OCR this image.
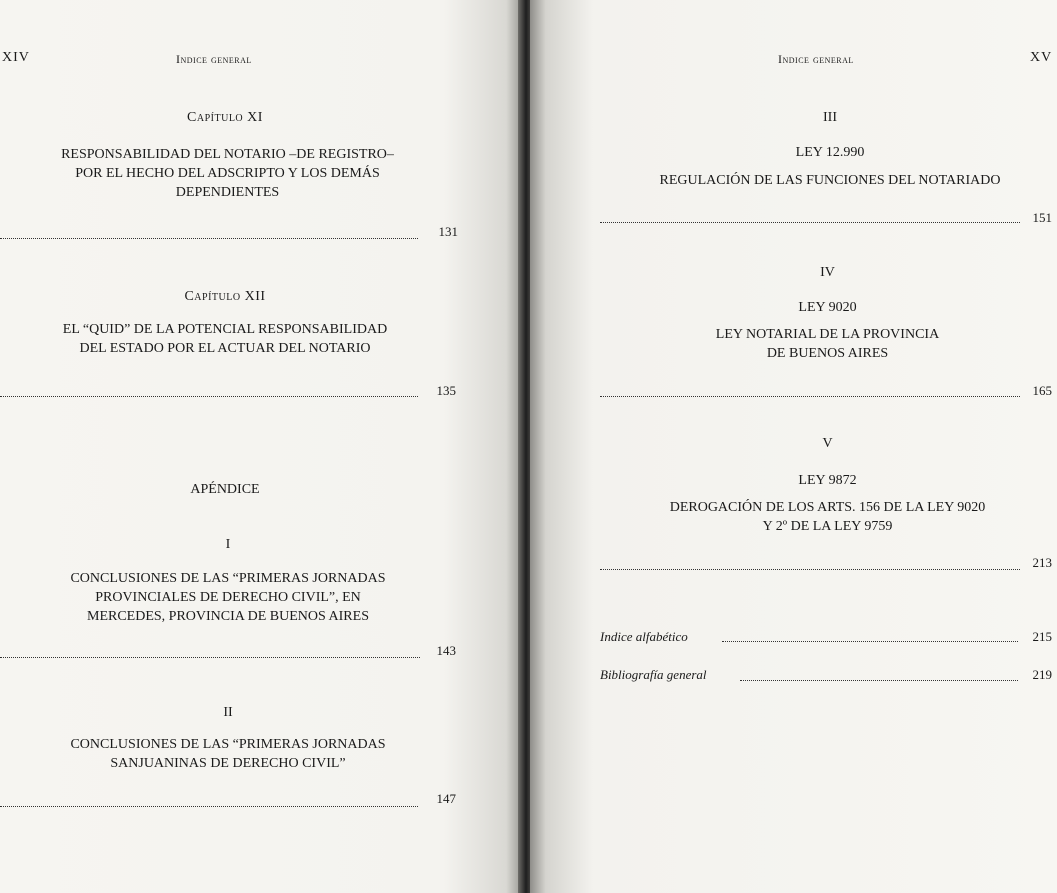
XIV	Indice general
Capítulo XI
RESPONSABILIDAD DEL NOTARIO –DE REGISTRO–
POR EL HECHO DEL ADSCRIPTO Y LOS DEMÁS
DEPENDIENTES
131
Capítulo XII
EL “QUID” DE LA POTENCIAL RESPONSABILIDAD
DEL ESTADO POR EL ACTUAR DEL NOTARIO
135
APÉNDICE
I
CONCLUSIONES DE LAS “PRIMERAS JORNADAS
PROVINCIALES DE DERECHO CIVIL”, EN
MERCEDES, PROVINCIA DE BUENOS AIRES
143
II
CONCLUSIONES DE LAS “PRIMERAS JORNADAS
SANJUANINAS DE DERECHO CIVIL”
147
Indice general	XV
III
LEY 12.990
REGULACIÓN DE LAS FUNCIONES DEL NOTARIADO
151
IV
LEY 9020
LEY NOTARIAL DE LA PROVINCIA
DE BUENOS AIRES
165
V
LEY 9872
DEROGACIÓN DE LOS ARTS. 156 DE LA LEY 9020
Y 2º DE LA LEY 9759
213
Indice alfabético	215
Bibliografía general	219
